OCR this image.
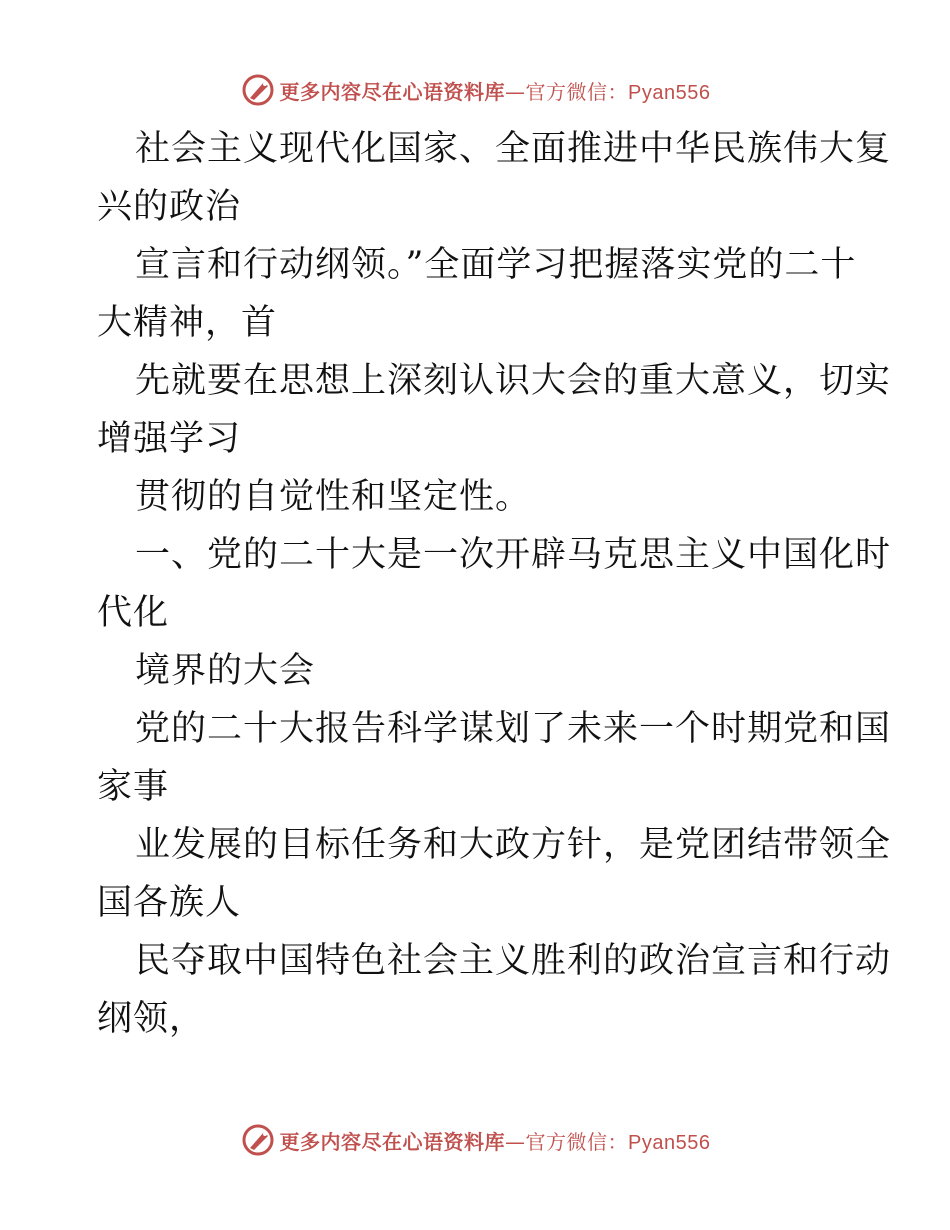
更多内容尽在心语资料库—官方微信：Pyan556
社会主义现代化国家、全面推进中华民族伟大复
兴的政治
宣言和行动纲领。”全面学习把握落实党的二十
大精神，首
先就要在思想上深刻认识大会的重大意义，切实
增强学习
贯彻的自觉性和坚定性。
一、党的二十大是一次开辟马克思主义中国化时
代化
境界的大会
党的二十大报告科学谋划了未来一个时期党和国
家事
业发展的目标任务和大政方针，是党团结带领全
国各族人
民夺取中国特色社会主义胜利的政治宣言和行动
纲领，
更多内容尽在心语资料库—官方微信：Pyan556
